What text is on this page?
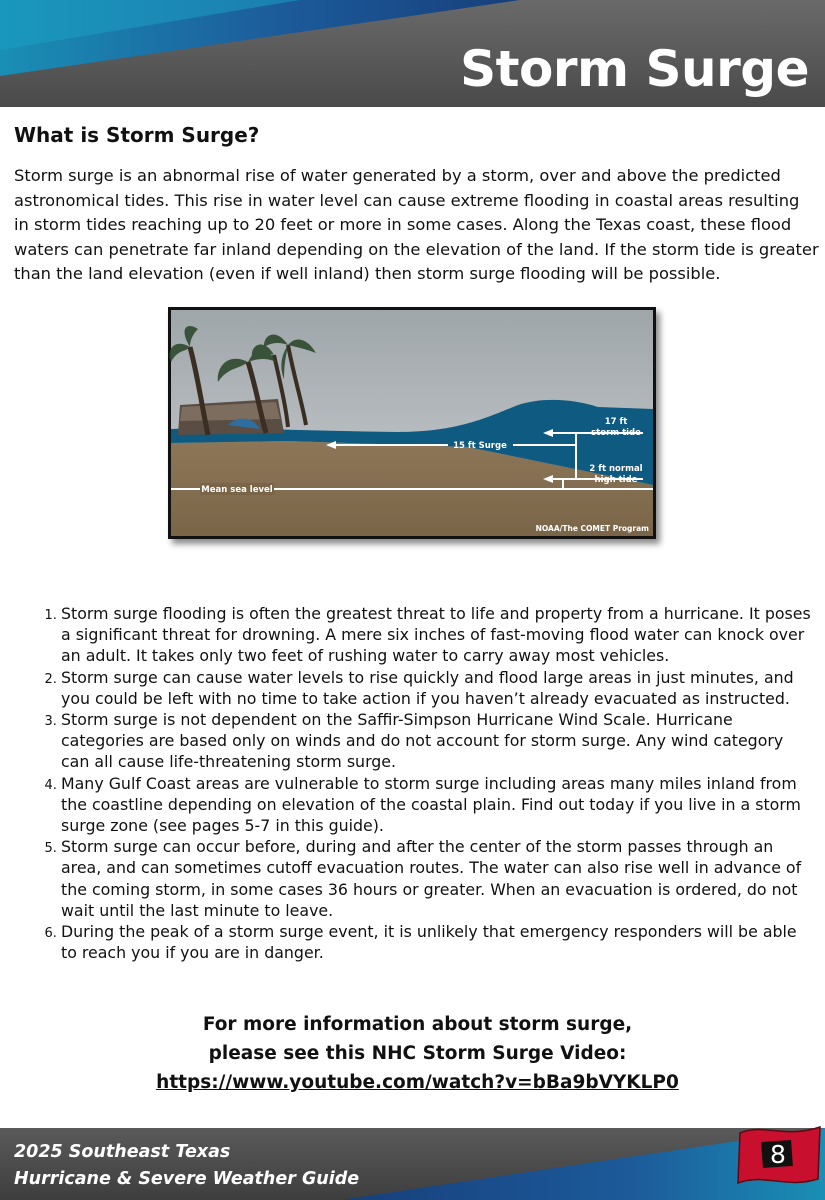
Storm Surge
What is Storm Surge?

Storm surge is an abnormal rise of water generated by a storm, over and above the predicted astronomical tides. This rise in water level can cause extreme flooding in coastal areas resulting in storm tides reaching up to 20 feet or more in some cases. Along the Texas coast, these flood waters can penetrate far inland depending on the elevation of the land. If the storm tide is greater than the land elevation (even if well inland) then storm surge flooding will be possible.

15 ft Surge
17 ft
storm tide
2 ft normal
high tide
Mean sea level
NOAA/The COMET Program
1. Storm surge flooding is often the greatest threat to life and property from a hurricane. It poses a significant threat for drowning. A mere six inches of fast-moving flood water can knock over an adult. It takes only two feet of rushing water to carry away most vehicles.
2. Storm surge can cause water levels to rise quickly and flood large areas in just minutes, and you could be left with no time to take action if you haven’t already evacuated as instructed.
3. Storm surge is not dependent on the Saffir-Simpson Hurricane Wind Scale. Hurricane categories are based only on winds and do not account for storm surge. Any wind category can all cause life-threatening storm surge.
4. Many Gulf Coast areas are vulnerable to storm surge including areas many miles inland from the coastline depending on elevation of the coastal plain. Find out today if you live in a storm surge zone (see pages 5-7 in this guide).
5. Storm surge can occur before, during and after the center of the storm passes through an area, and can sometimes cutoff evacuation routes. The water can also rise well in advance of the coming storm, in some cases 36 hours or greater. When an evacuation is ordered, do not wait until the last minute to leave.
6. During the peak of a storm surge event, it is unlikely that emergency responders will be able to reach you if you are in danger.
For more information about storm surge,
please see this NHC Storm Surge Video:
https://www.youtube.com/watch?v=bBa9bVYKLP0
2025 Southeast Texas
Hurricane & Severe Weather Guide
8
